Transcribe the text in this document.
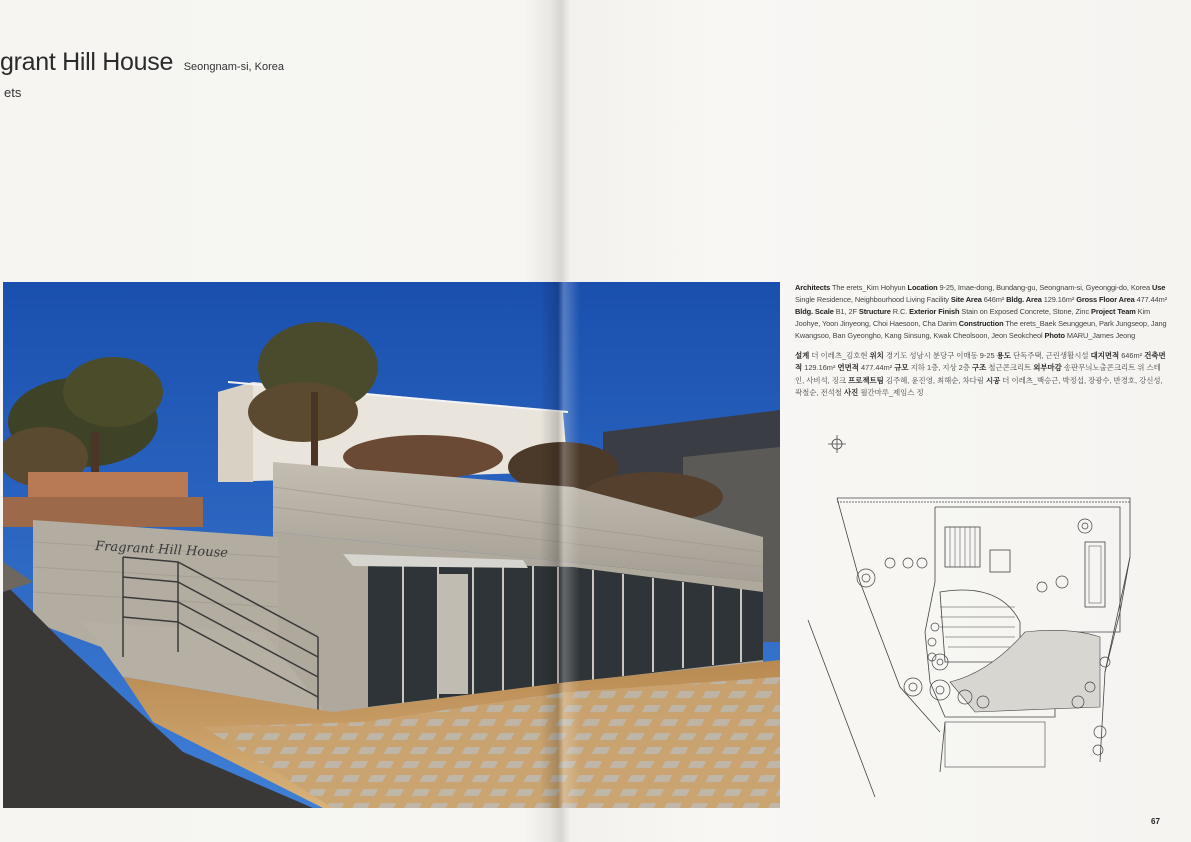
grant Hill House Seongnam-si, Korea
ets
Fragrant Hill House
Architects The erets_Kim Hohyun Location 9-25, Imae-dong, Bundang-gu, Seongnam-si, Gyeonggi-do, Korea Use Single Residence, Neighbourhood Living Facility Site Area 646m² Bldg. Area 129.16m² Gross Floor Area 477.44m² Bldg. Scale B1, 2F Structure R.C. Exterior Finish Stain on Exposed Concrete, Stone, Zinc Project Team Kim Joohye, Yoon Jinyeong, Choi Haesoon, Cha Darim Construction The erets_Baek Seunggeun, Park Jungseop, Jang Kwangsoo, Ban Gyeongho, Kang Sinsung, Kwak Cheolsoon, Jeon Seokcheol Photo MARU_James Jeong
설계 더 이레츠_김호현 위치 경기도 성남시 분당구 이매동 9-25 용도 단독주택, 근린생활시설 대지면적 646m² 건축면적 129.16m² 연면적 477.44m² 규모 지하 1층, 지상 2층 구조 철근콘크리트 외부마감 송판무늬노출콘크리트 위 스테인, 사비석, 징크 프로젝트팀 김주혜, 윤진영, 최해순, 차다림 시공 더 이레츠_백승근, 박정섭, 장광수, 반경호, 강신성, 곽철순, 전석철 사진 월간마루_제임스 정
67
